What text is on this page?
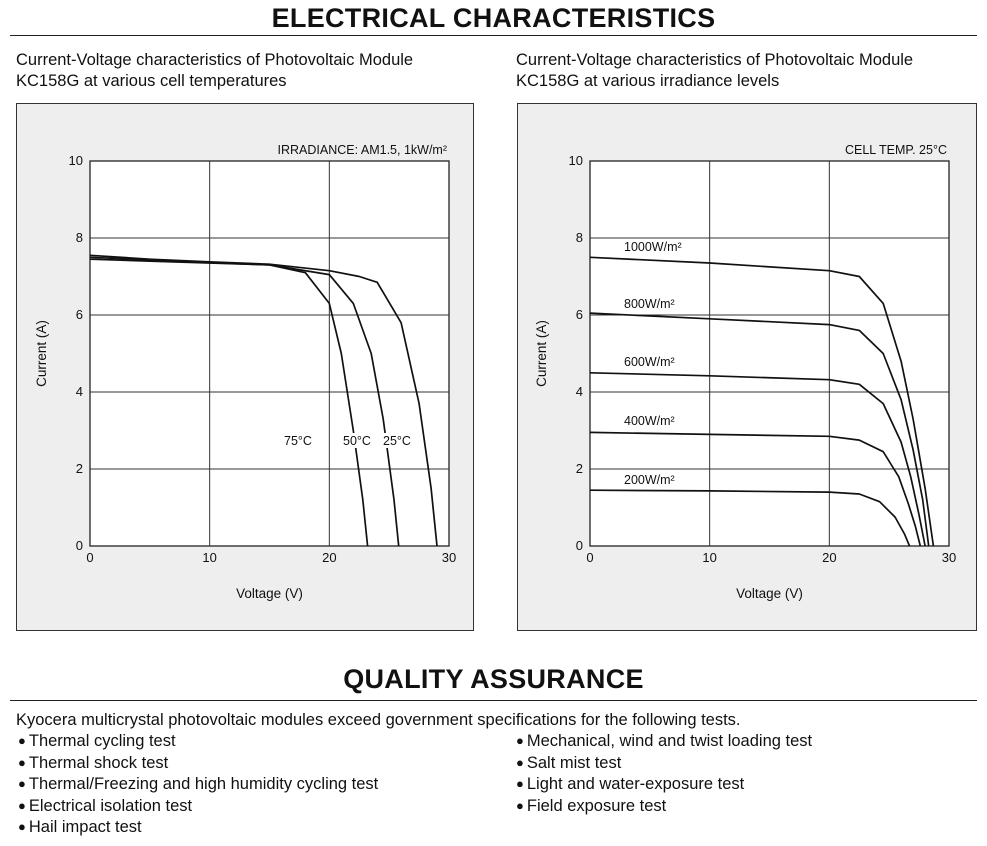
ELECTRICAL CHARACTERISTICS
Current-Voltage characteristics of Photovoltaic Module
KC158G at various cell temperatures
Current-Voltage characteristics of Photovoltaic Module
KC158G at various irradiance levels
0	10	20	30
0
2
4
6
8
10
Voltage (V)
Current (A)
IRRADIANCE: AM1.5, 1kW/m²
75°C 50°C 25°C
0	10	20	30
0
2
4
6
8
10
Voltage (V)
Current (A)
CELL TEMP. 25°C
1000W/m²
800W/m²
600W/m²
400W/m²
200W/m²
QUALITY ASSURANCE
Kyocera multicrystal photovoltaic modules exceed government specifications for the following tests.
● Thermal cycling test
● Thermal shock test
● Thermal/Freezing and high humidity cycling test
● Electrical isolation test
● Hail impact test
● Mechanical, wind and twist loading test
● Salt mist test
● Light and water-exposure test
● Field exposure test
